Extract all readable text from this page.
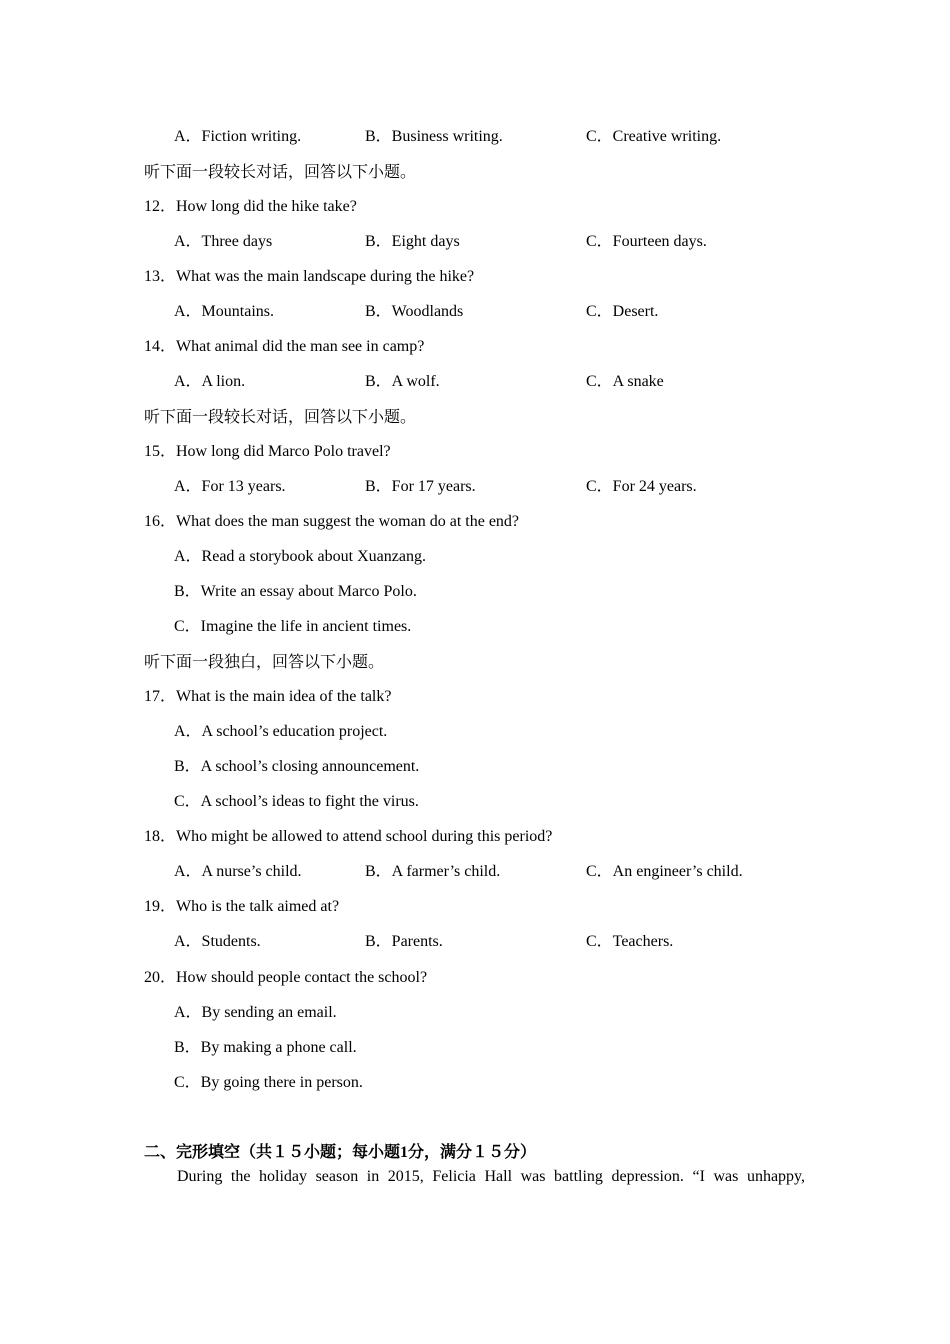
A．Fiction writing.	B．Business writing.	C．Creative writing.
听下面一段较长对话，回答以下小题。
12．How long did the hike take?
A．Three days	B．Eight days	C．Fourteen days.
13．What was the main landscape during the hike?
A．Mountains.	B．Woodlands	C．Desert.
14．What animal did the man see in camp?
A．A lion.	B．A wolf.	C．A snake
听下面一段较长对话，回答以下小题。
15．How long did Marco Polo travel?
A．For 13 years.	B．For 17 years.	C．For 24 years.
16．What does the man suggest the woman do at the end?
A．Read a storybook about Xuanzang.
B．Write an essay about Marco Polo.
C．Imagine the life in ancient times.
听下面一段独白，回答以下小题。
17．What is the main idea of the talk?
A．A school’s education project.
B．A school’s closing announcement.
C．A school’s ideas to fight the virus.
18．Who might be allowed to attend school during this period?
A．A nurse’s child.	B．A farmer’s child.	C．An engineer’s child.
19．Who is the talk aimed at?
A．Students.	B．Parents.	C．Teachers.
20．How should people contact the school?
A．By sending an email.
B．By making a phone call.
C．By going there in person.
二、完形填空（共１５小题；每小题1分，满分１５分）
During the holiday season in 2015, Felicia Hall was battling depression. “I was unhappy,
